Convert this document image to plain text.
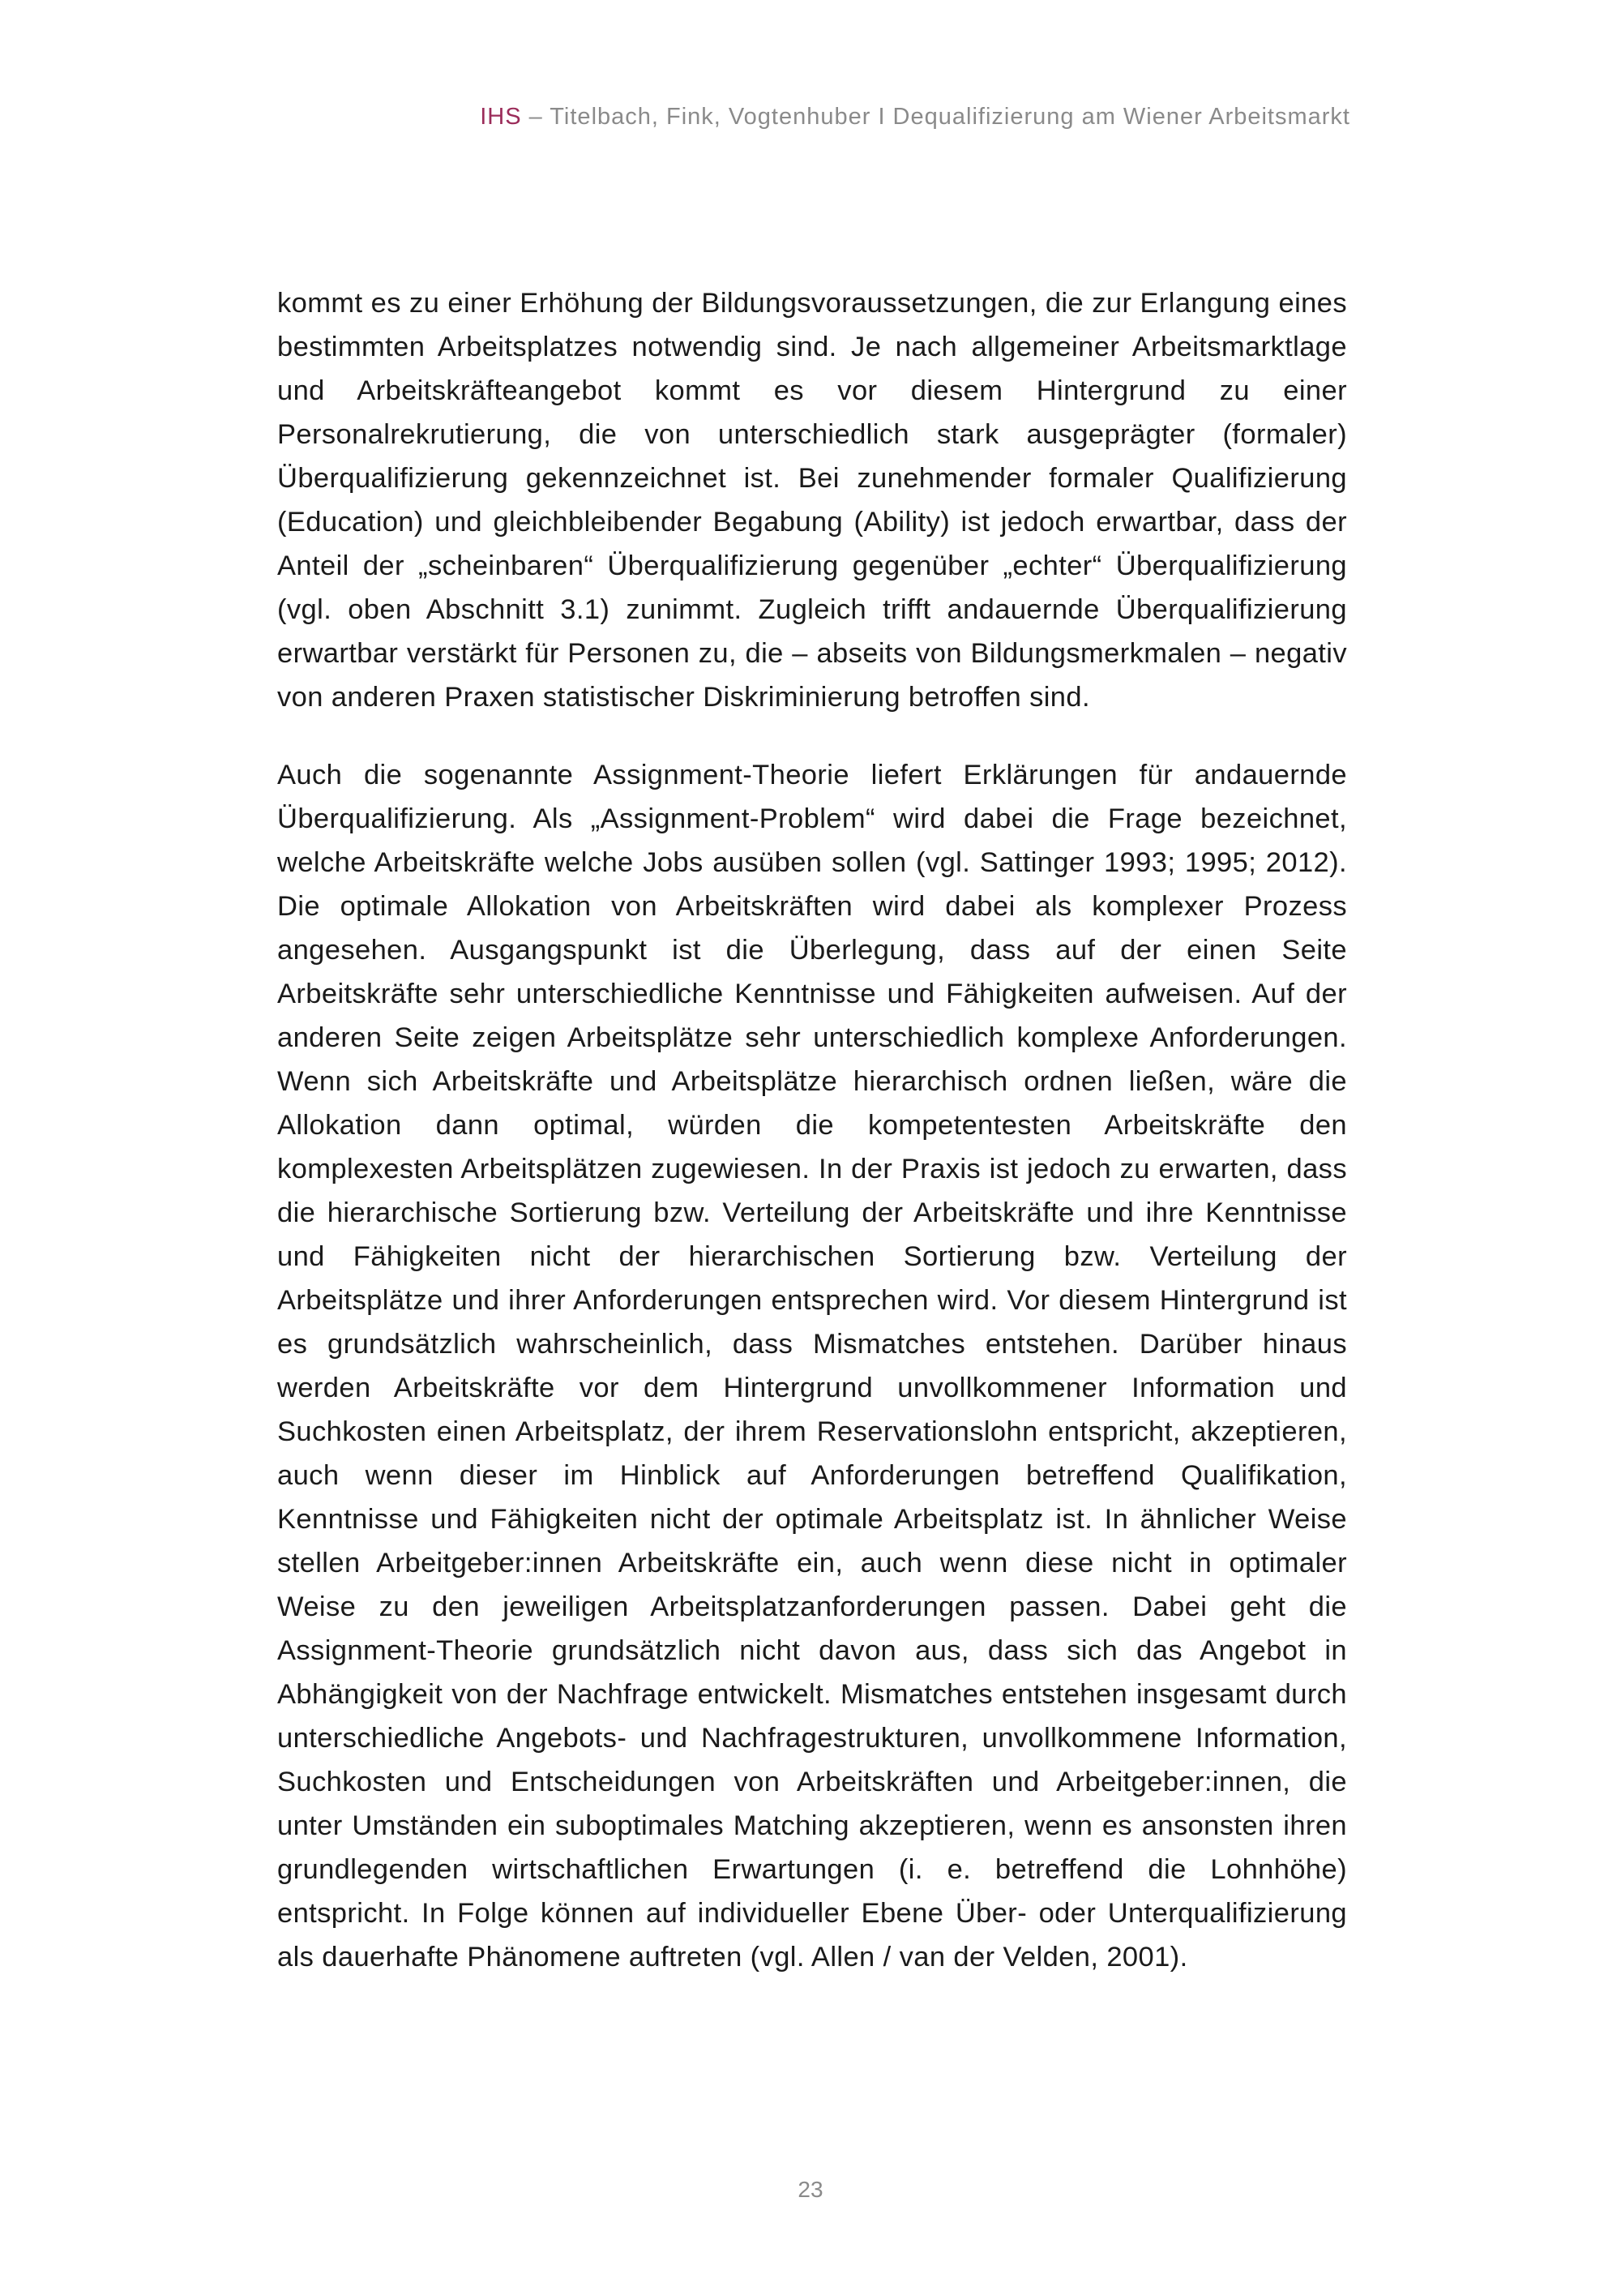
IHS – Titelbach, Fink, Vogtenhuber I Dequalifizierung am Wiener Arbeitsmarkt

kommt es zu einer Erhöhung der Bildungsvoraussetzungen, die zur Erlangung eines bestimmten Arbeitsplatzes notwendig sind. Je nach allgemeiner Arbeitsmarktlage und Arbeitskräfteangebot kommt es vor diesem Hintergrund zu einer Personalrekrutierung, die von unterschiedlich stark ausgeprägter (formaler) Überqualifizierung gekennzeichnet ist. Bei zunehmender formaler Qualifizierung (Education) und gleichbleibender Begabung (Ability) ist jedoch erwartbar, dass der Anteil der „scheinbaren“ Überqualifizierung gegenüber „echter“ Überqualifizierung (vgl. oben Abschnitt 3.1) zunimmt. Zugleich trifft andauernde Überqualifizierung erwartbar verstärkt für Personen zu, die – abseits von Bildungsmerkmalen – negativ von anderen Praxen statistischer Diskriminierung betroffen sind.

Auch die sogenannte Assignment-Theorie liefert Erklärungen für andauernde Überqualifizierung. Als „Assignment-Problem“ wird dabei die Frage bezeichnet, welche Arbeitskräfte welche Jobs ausüben sollen (vgl. Sattinger 1993; 1995; 2012). Die optimale Allokation von Arbeitskräften wird dabei als komplexer Prozess angesehen. Ausgangspunkt ist die Überlegung, dass auf der einen Seite Arbeitskräfte sehr unterschiedliche Kenntnisse und Fähigkeiten aufweisen. Auf der anderen Seite zeigen Arbeitsplätze sehr unterschiedlich komplexe Anforderungen. Wenn sich Arbeitskräfte und Arbeitsplätze hierarchisch ordnen ließen, wäre die Allokation dann optimal, würden die kompetentesten Arbeitskräfte den komplexesten Arbeitsplätzen zugewiesen. In der Praxis ist jedoch zu erwarten, dass die hierarchische Sortierung bzw. Verteilung der Arbeitskräfte und ihre Kenntnisse und Fähigkeiten nicht der hierarchischen Sortierung bzw. Verteilung der Arbeitsplätze und ihrer Anforderungen entsprechen wird. Vor diesem Hintergrund ist es grundsätzlich wahrscheinlich, dass Mismatches entstehen. Darüber hinaus werden Arbeitskräfte vor dem Hintergrund unvollkommener Information und Suchkosten einen Arbeitsplatz, der ihrem Reservationslohn entspricht, akzeptieren, auch wenn dieser im Hinblick auf Anforderungen betreffend Qualifikation, Kenntnisse und Fähigkeiten nicht der optimale Arbeitsplatz ist. In ähnlicher Weise stellen Arbeitgeber:innen Arbeitskräfte ein, auch wenn diese nicht in optimaler Weise zu den jeweiligen Arbeitsplatzanforderungen passen. Dabei geht die Assignment-Theorie grundsätzlich nicht davon aus, dass sich das Angebot in Abhängigkeit von der Nachfrage entwickelt. Mismatches entstehen insgesamt durch unterschiedliche Angebots- und Nachfragestrukturen, unvollkommene Information, Suchkosten und Entscheidungen von Arbeitskräften und Arbeitgeber:innen, die unter Umständen ein suboptimales Matching akzeptieren, wenn es ansonsten ihren grundlegenden wirtschaftlichen Erwartungen (i. e. betreffend die Lohnhöhe) entspricht. In Folge können auf individueller Ebene Über- oder Unterqualifizierung als dauerhafte Phänomene auftreten (vgl. Allen / van der Velden, 2001).

23
